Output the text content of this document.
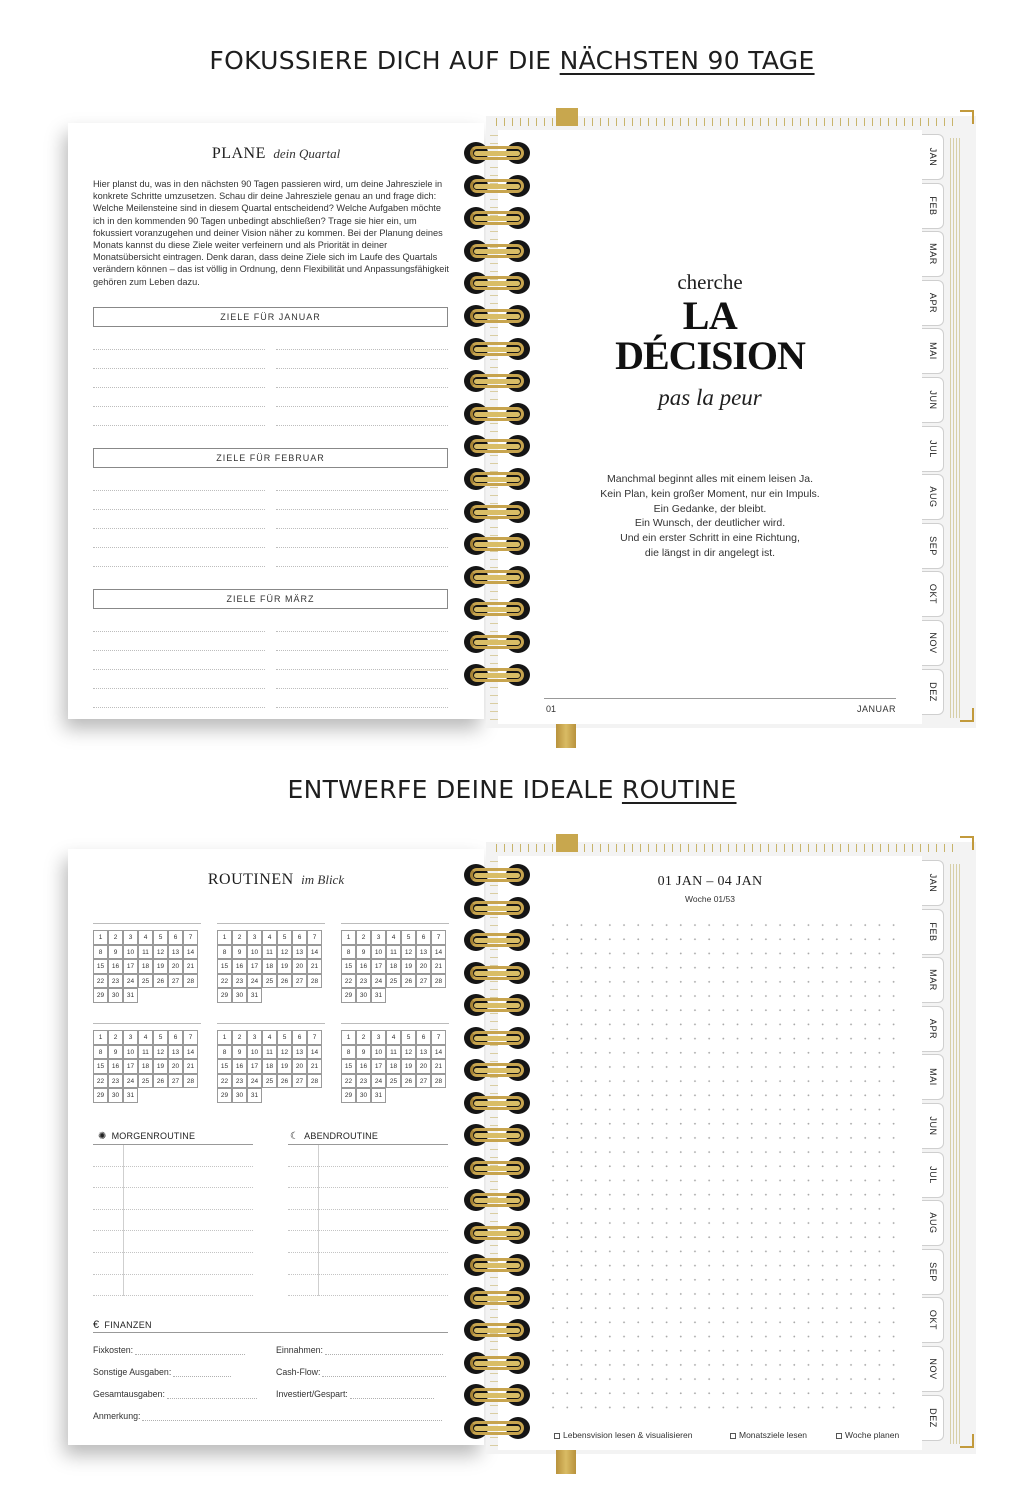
FOKUSSIERE DICH AUF DIE NÄCHSTEN 90 TAGE
PLANE dein Quartal
Hier planst du, was in den nächsten 90 Tagen passieren wird, um deine Jahresziele in konkrete Schritte umzusetzen. Schau dir deine Jahresziele genau an und frage dich: Welche Meilensteine sind in diesem Quartal entscheidend? Welche Aufgaben möchte ich in den kommenden 90 Tagen unbedingt abschließen? Trage sie hier ein, um fokussiert voranzugehen und deiner Vision näher zu kommen. Bei der Planung deines Monats kannst du diese Ziele weiter verfeinern und als Priorität in deiner Monatsübersicht eintragen. Denk daran, dass deine Ziele sich im Laufe des Quartals verändern können – das ist völlig in Ordnung, denn Flexibilität und Anpassungsfähigkeit gehören zum Leben dazu.
ZIELE FÜR JANUAR
ZIELE FÜR FEBRUAR
ZIELE FÜR MÄRZ
cherche
LA
DÉCISION
pas la peur
Manchmal beginnt alles mit einem leisen Ja.
Kein Plan, kein großer Moment, nur ein Impuls.
Ein Gedanke, der bleibt.
Ein Wunsch, der deutlicher wird.
Und ein erster Schritt in eine Richtung,
die längst in dir angelegt ist.
01	JANUAR
JAN
FEB
MAR
APR
MAI
JUN
JUL
AUG
SEP
OKT
NOV
DEZ
ENTWERFE DEINE IDEALE ROUTINE
ROUTINEN im Blick
1	2	3	4	5	6	7
8	9	10	11	12	13	14
15	16	17	18	19	20	21
22	23	24	25	26	27	28
29	30	31
1	2	3	4	5	6	7
8	9	10	11	12	13	14
15	16	17	18	19	20	21
22	23	24	25	26	27	28
29	30	31
1	2	3	4	5	6	7
8	9	10	11	12	13	14
15	16	17	18	19	20	21
22	23	24	25	26	27	28
29	30	31
1	2	3	4	5	6	7
8	9	10	11	12	13	14
15	16	17	18	19	20	21
22	23	24	25	26	27	28
29	30	31
1	2	3	4	5	6	7
8	9	10	11	12	13	14
15	16	17	18	19	20	21
22	23	24	25	26	27	28
29	30	31
1	2	3	4	5	6	7
8	9	10	11	12	13	14
15	16	17	18	19	20	21
22	23	24	25	26	27	28
29	30	31
✺ MORGENROUTINE	☾ ABENDROUTINE
€ FINANZEN
Fixkosten:	Einnahmen:
Sonstige Ausgaben:	Cash-Flow:
Gesamtausgaben:	Investiert/Gespart:
Anmerkung:
01 JAN – 04 JAN
Woche 01/53
Lebensvision lesen & visualisieren	Monatsziele lesen	Woche planen
JAN
FEB
MAR
APR
MAI
JUN
JUL
AUG
SEP
OKT
NOV
DEZ
